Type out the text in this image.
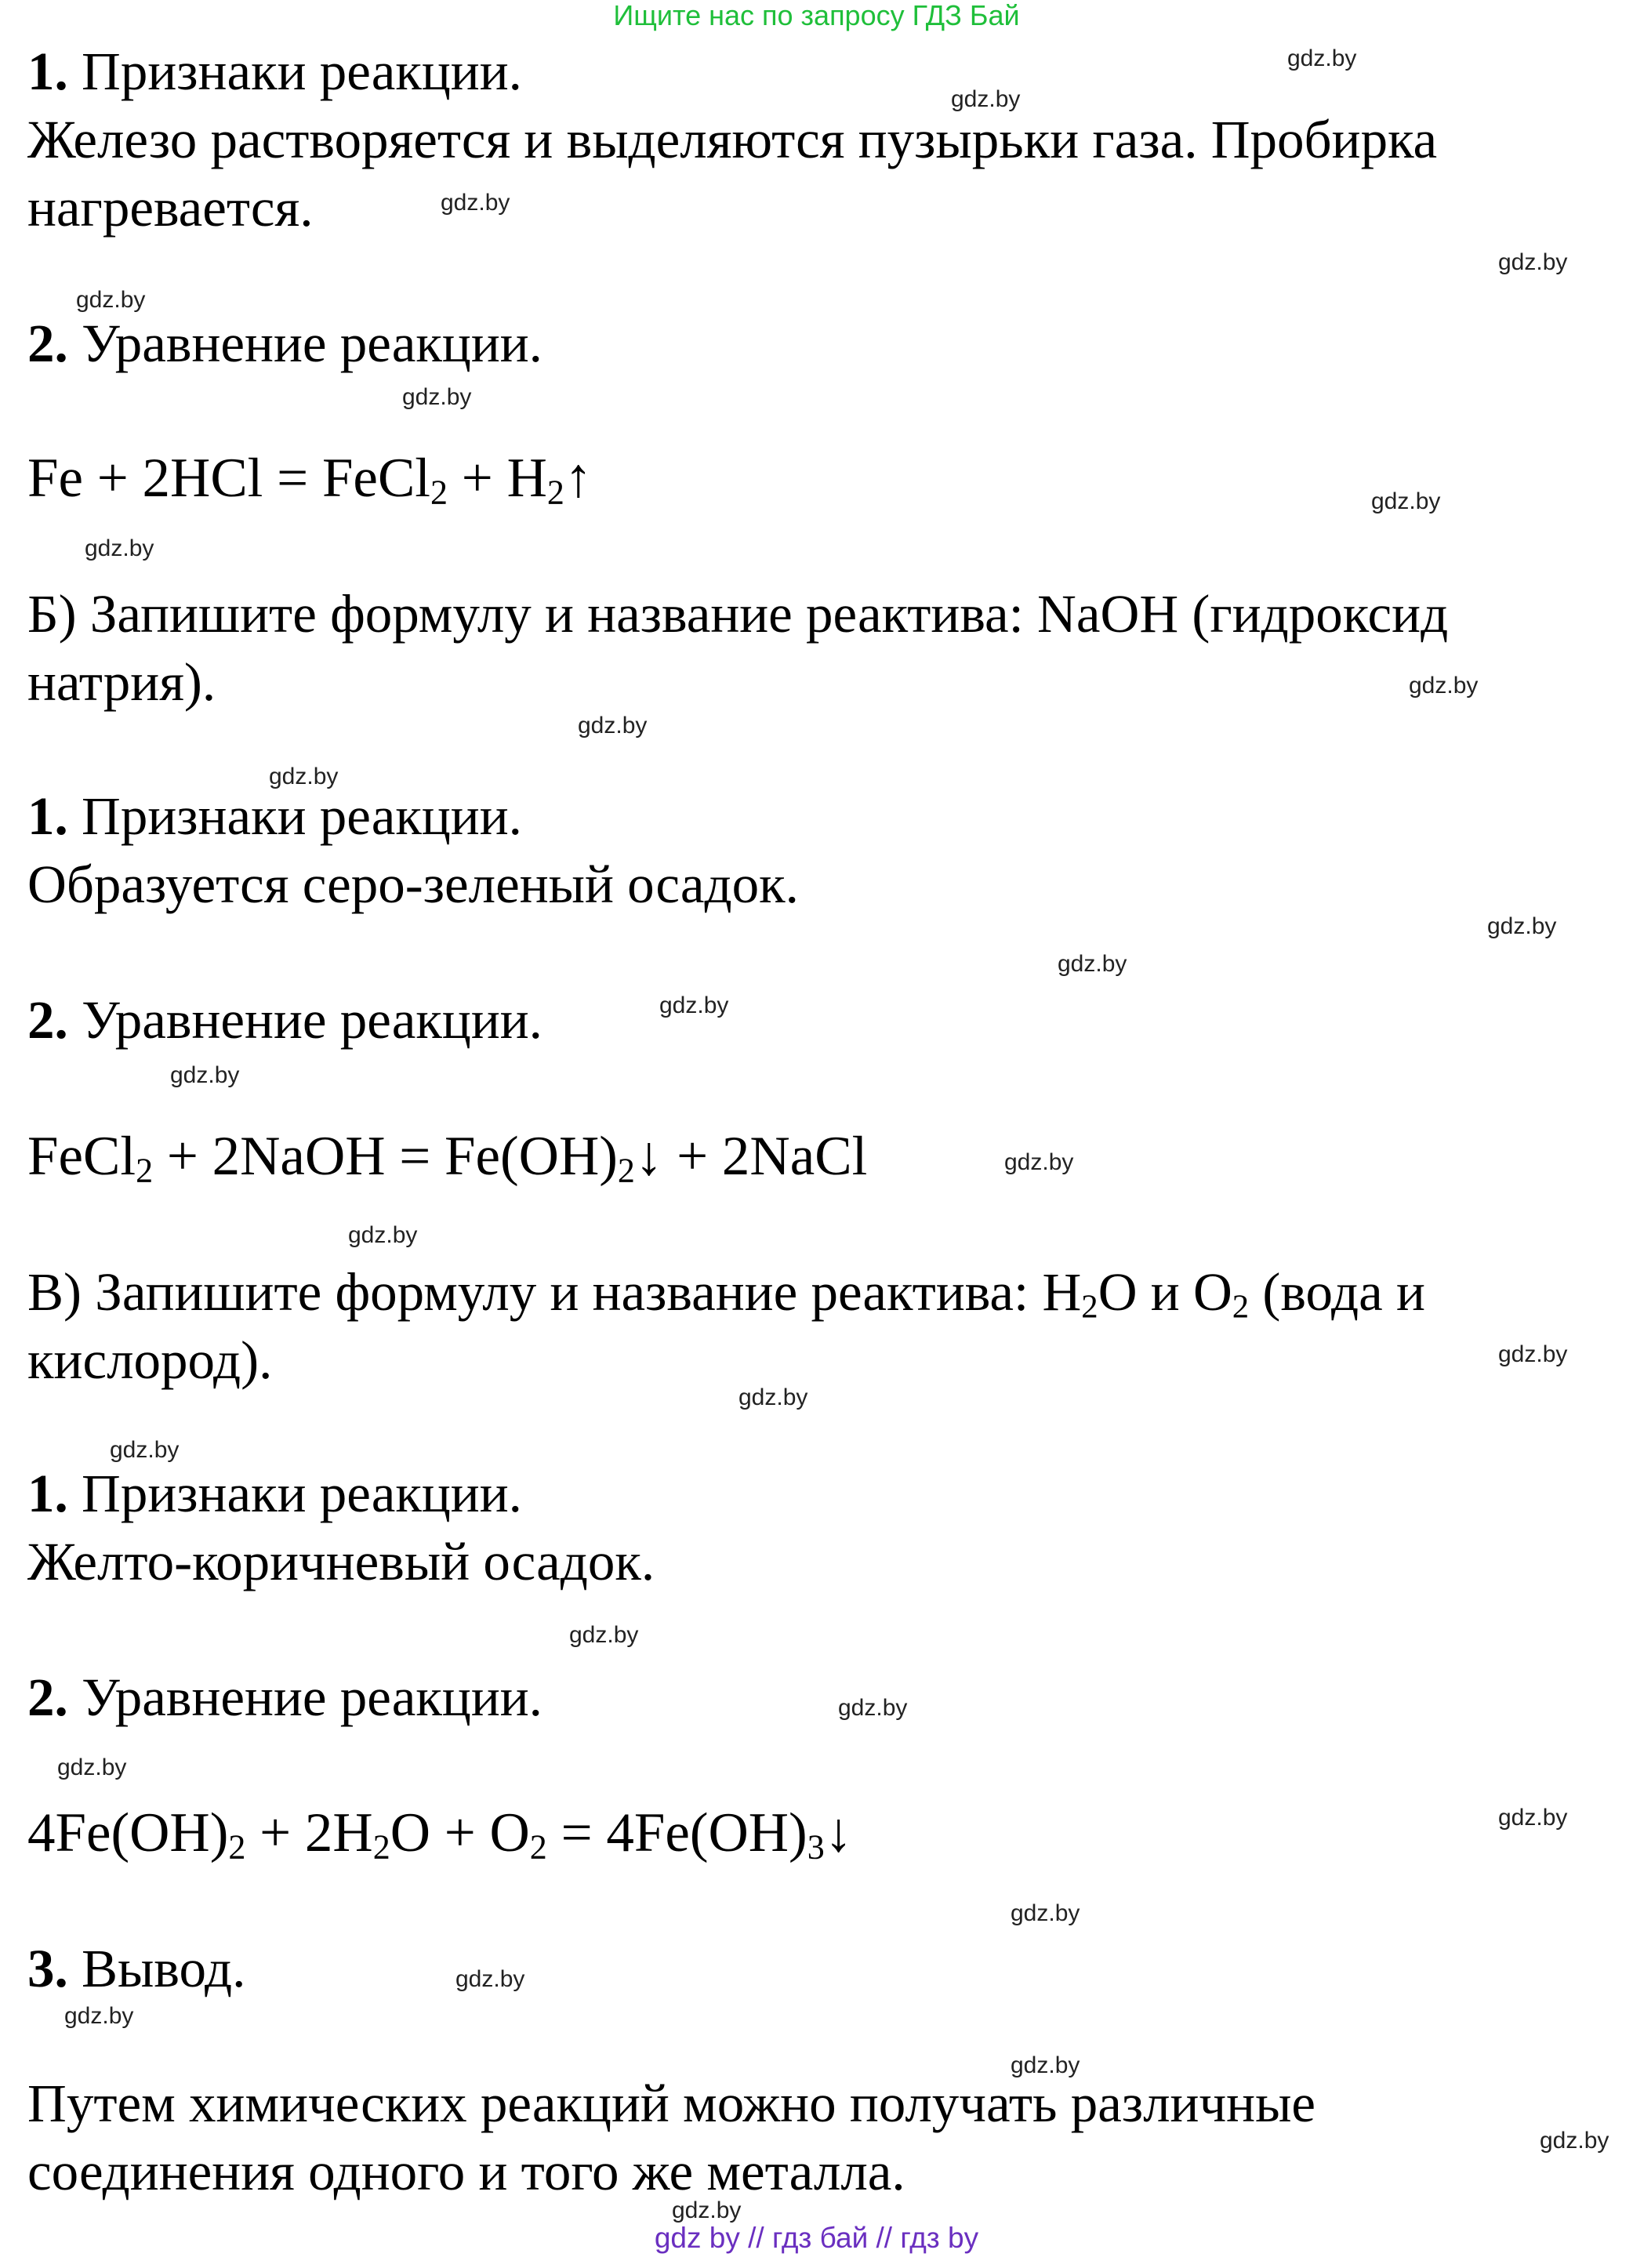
Ищите нас по запросу ГДЗ Бай

1. Признаки реакции.

Железо растворяется и выделяются пузырьки газа. Пробирка

нагревается.

2. Уравнение реакции.

Fe + 2HCl = FeCl$_2$ + $H_2↑$

Б) Запишите формулу и название реактива: NaOH (гидроксид

натрия).

1. Признаки реакции.

Образуется серо-зеленый осадок.

2. Уравнение реакции.

FeCl$_2$ + 2NaOH = $Fe(OH)_2↓$ + 2NaCl

В) Запишите формулу и название реактива: $H_2O$ и $O_2$ (вода и

кислород).

1. Признаки реакции.

Желто-коричневый осадок.

2. Уравнение реакции.

$4Fe(OH)_2 + 2H_2O + O_2$ = $4Fe(OH)_3↓$

3. Вывод.

Путем химических реакций можно получать различные

соединения одного и того же металла.

gdz.by
gdz.by
gdz.by
gdz.by
gdz.by
gdz.by
gdz.by
gdz.by
gdz.by
gdz.by
gdz.by
gdz.by
gdz.by
gdz.by
gdz.by
gdz.by
gdz.by
gdz.by
gdz.by
gdz.by
gdz.by
gdz.by
gdz.by
gdz.by
gdz.by
gdz.by
gdz.by
gdz.by
gdz.by
gdz.by
gdz by // гдз бай // гдз by
